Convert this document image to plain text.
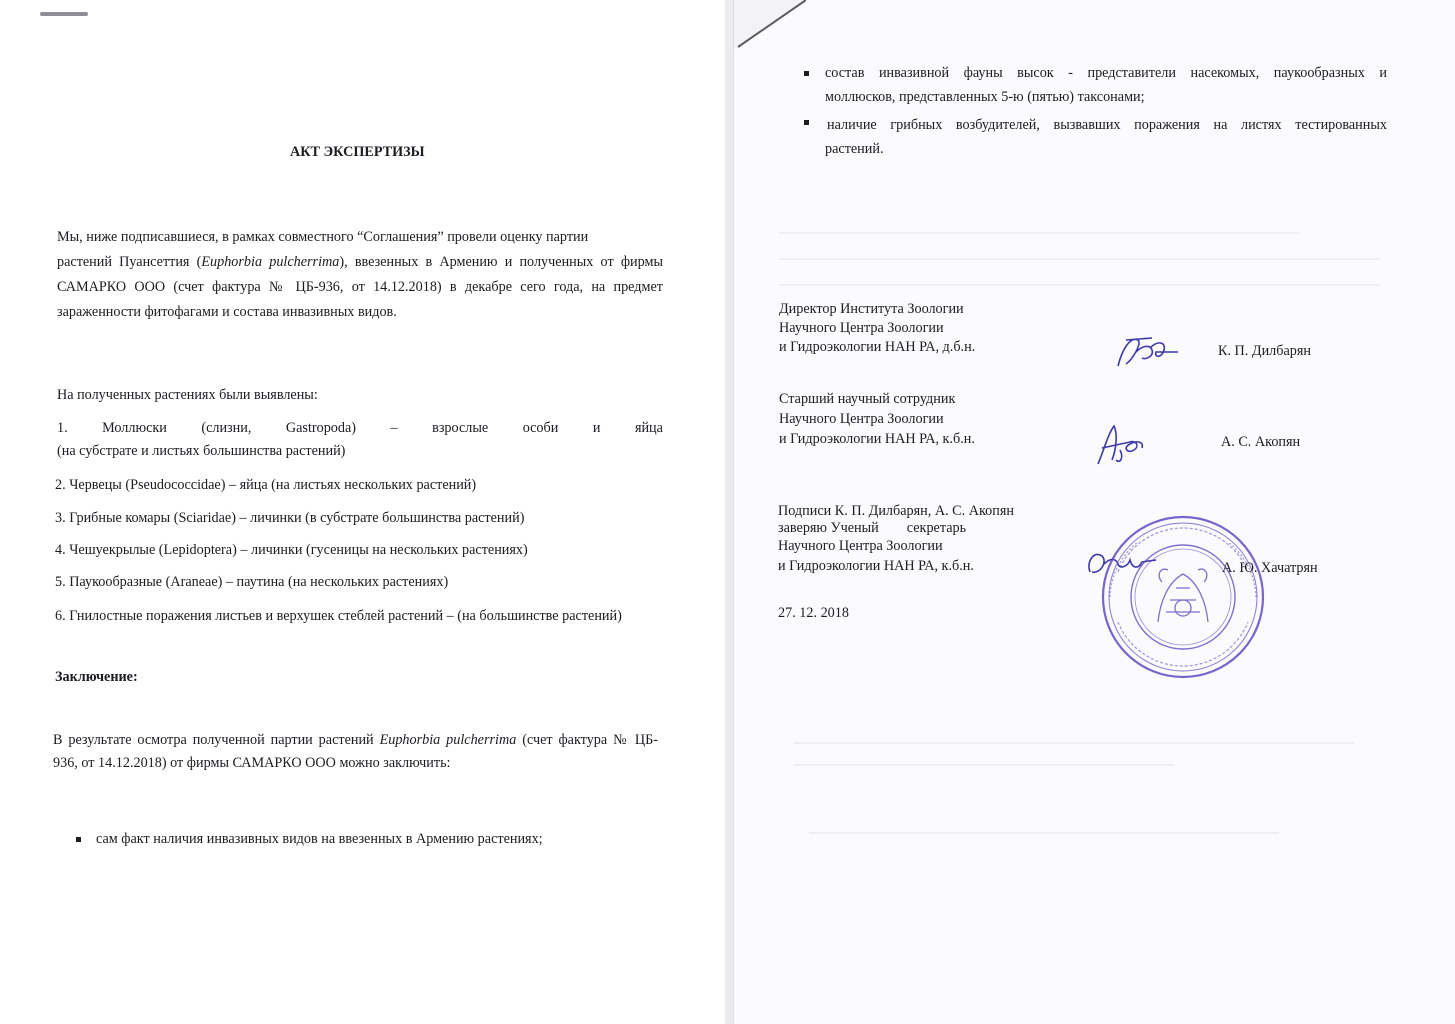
АКТ ЭКСПЕРТИЗЫ
Мы, ниже подписавшиеся, в рамках совместного “Соглашения” провели оценку партии
растений Пуансеттия (Euphorbia pulcherrima), ввезенных в Армению и полученных от фирмы
САМАРКО ООО (счет фактура № ЦБ-936, от 14.12.2018) в декабре сего года, на предмет
зараженности фитофагами и состава инвазивных видов.
На полученных растениях были выявлены:
1. Моллюски (слизни, Gastropoda) – взрослые особи и яйца
(на субстрате и листьях большинства растений)
2. Червецы (Pseudococcidae) – яйца (на листьях нескольких растений)
3. Грибные комары (Sciaridae) – личинки (в субстрате большинства растений)
4. Чешуекрылые (Lepidoptera) – личинки (гусеницы на нескольких растениях)
5. Паукообразные (Araneae) – паутина (на нескольких растениях)
6. Гнилостные поражения листьев и верхушек стеблей растений – (на большинстве растений)
Заключение:
В результате осмотра полученной партии растений Euphorbia pulcherrima (счет фактура № ЦБ-
936, от 14.12.2018) от фирмы САМАРКО ООО можно заключить:
сам факт наличия инвазивных видов на ввезенных в Армению растениях;
состав инвазивной фауны высок - представители насекомых, паукообразных и
моллюсков, представленных 5-ю (пятью) таксонами;
наличие грибных возбудителей, вызвавших поражения на листях тестированных
растений.
Директор Института Зоологии
Научного Центра Зоологии
и Гидроэкологии НАН РА, д.б.н.	К. П. Дилбарян
Старший научный сотрудник
Научного Центра Зоологии
и Гидроэкологии НАН РА, к.б.н.	А. С. Акопян
Подписи К. П. Дилбарян, А. С. Акопян
заверяю Ученый секретарь
Научного Центра Зоологии
и Гидроэкологии НАН РА, к.б.н.	А. Ю. Хачатрян
27. 12. 2018
